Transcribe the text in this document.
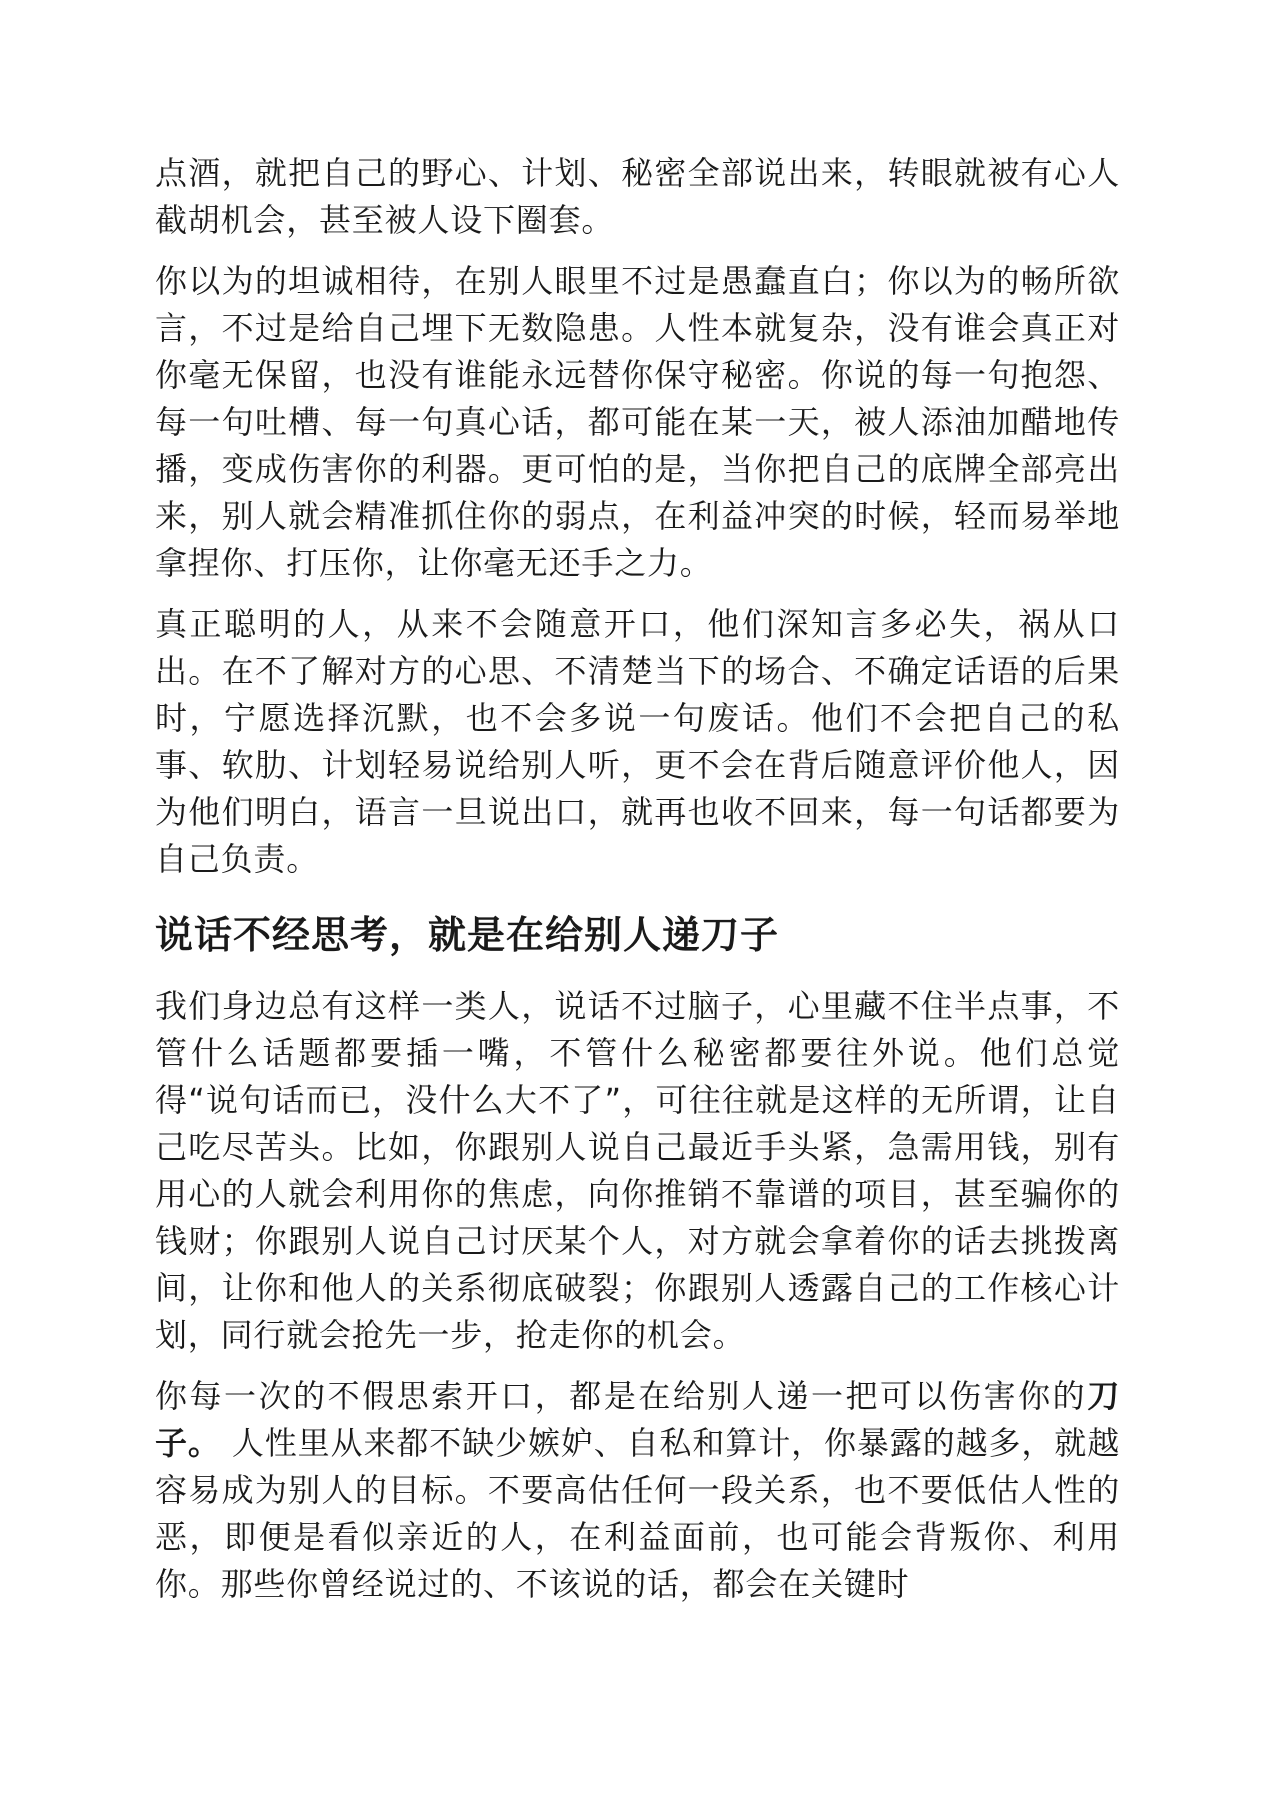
点酒，就把自己的野心、计划、秘密全部说出来，转眼就被有心人截胡机会，甚至被人设下圈套。

你以为的坦诚相待，在别人眼里不过是愚蠢直白；你以为的畅所欲言，不过是给自己埋下无数隐患。人性本就复杂，没有谁会真正对你毫无保留，也没有谁能永远替你保守秘密。你说的每一句抱怨、每一句吐槽、每一句真心话，都可能在某一天，被人添油加醋地传播，变成伤害你的利器。更可怕的是，当你把自己的底牌全部亮出来，别人就会精准抓住你的弱点，在利益冲突的时候，轻而易举地拿捏你、打压你，让你毫无还手之力。

真正聪明的人，从来不会随意开口，他们深知言多必失，祸从口出。在不了解对方的心思、不清楚当下的场合、不确定话语的后果时，宁愿选择沉默，也不会多说一句废话。他们不会把自己的私事、软肋、计划轻易说给别人听，更不会在背后随意评价他人，因为他们明白，语言一旦说出口，就再也收不回来，每一句话都要为自己负责。

说话不经思考，就是在给别人递刀子

我们身边总有这样一类人，说话不过脑子，心里藏不住半点事，不管什么话题都要插一嘴，不管什么秘密都要往外说。他们总觉得“说句话而已，没什么大不了”，可往往就是这样的无所谓，让自己吃尽苦头。比如，你跟别人说自己最近手头紧，急需用钱，别有用心的人就会利用你的焦虑，向你推销不靠谱的项目，甚至骗你的钱财；你跟别人说自己讨厌某个人，对方就会拿着你的话去挑拨离间，让你和他人的关系彻底破裂；你跟别人透露自己的工作核心计划，同行就会抢先一步，抢走你的机会。

你每一次的不假思索开口，都是在给别人递一把可以伤害你的刀子。 人性里从来都不缺少嫉妒、自私和算计，你暴露的越多，就越容易成为别人的目标。不要高估任何一段关系，也不要低估人性的恶，即便是看似亲近的人，在利益面前，也可能会背叛你、利用你。那些你曾经说过的、不该说的话，都会在关键时
